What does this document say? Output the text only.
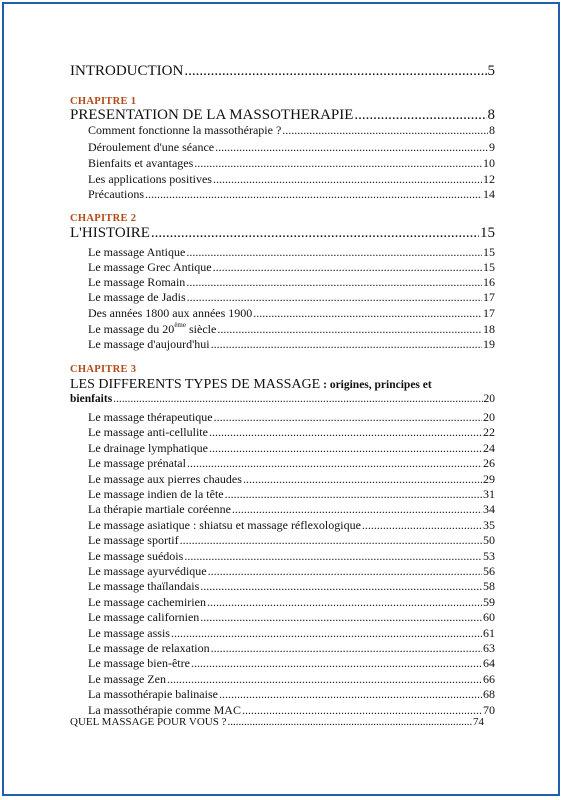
INTRODUCTION .....	5
CHAPITRE 1
PRESENTATION DE LA MASSOTHERAPIE .....	8
Comment fonctionne la massothérapie ? .....	8
Déroulement d'une séance .....	9
Bienfaits et avantages .....	10
Les applications positives .....	12
Précautions .....	14
CHAPITRE 2
L'HISTOIRE .....	15
Le massage Antique .....	15
Le massage Grec Antique .....	15
Le massage Romain .....	16
Le massage de Jadis .....	17
Des années 1800 aux années 1900 .....	17
Le massage du 20ème siècle .....	18
Le massage d'aujourd'hui .....	19
CHAPITRE 3
LES DIFFERENTS TYPES DE MASSAGE : origines, principes et
bienfaits .....	20
Le massage thérapeutique .....	20
Le massage anti-cellulite .....	22
Le drainage lymphatique .....	24
Le massage prénatal .....	26
Le massage aux pierres chaudes .....	29
Le massage indien de la tête .....	31
La thérapie martiale coréenne .....	34
Le massage asiatique : shiatsu et massage réflexologique .....	35
Le massage sportif .....	50
Le massage suédois .....	53
Le massage ayurvédique .....	56
Le massage thaïlandais .....	58
Le massage cachemirien .....	59
Le massage californien .....	60
Le massage assis .....	61
Le massage de relaxation .....	63
Le massage bien-être .....	64
Le massage Zen .....	66
La massothérapie balinaise .....	68
La massothérapie comme MAC .....	70
QUEL MASSAGE POUR VOUS ? .....	74
